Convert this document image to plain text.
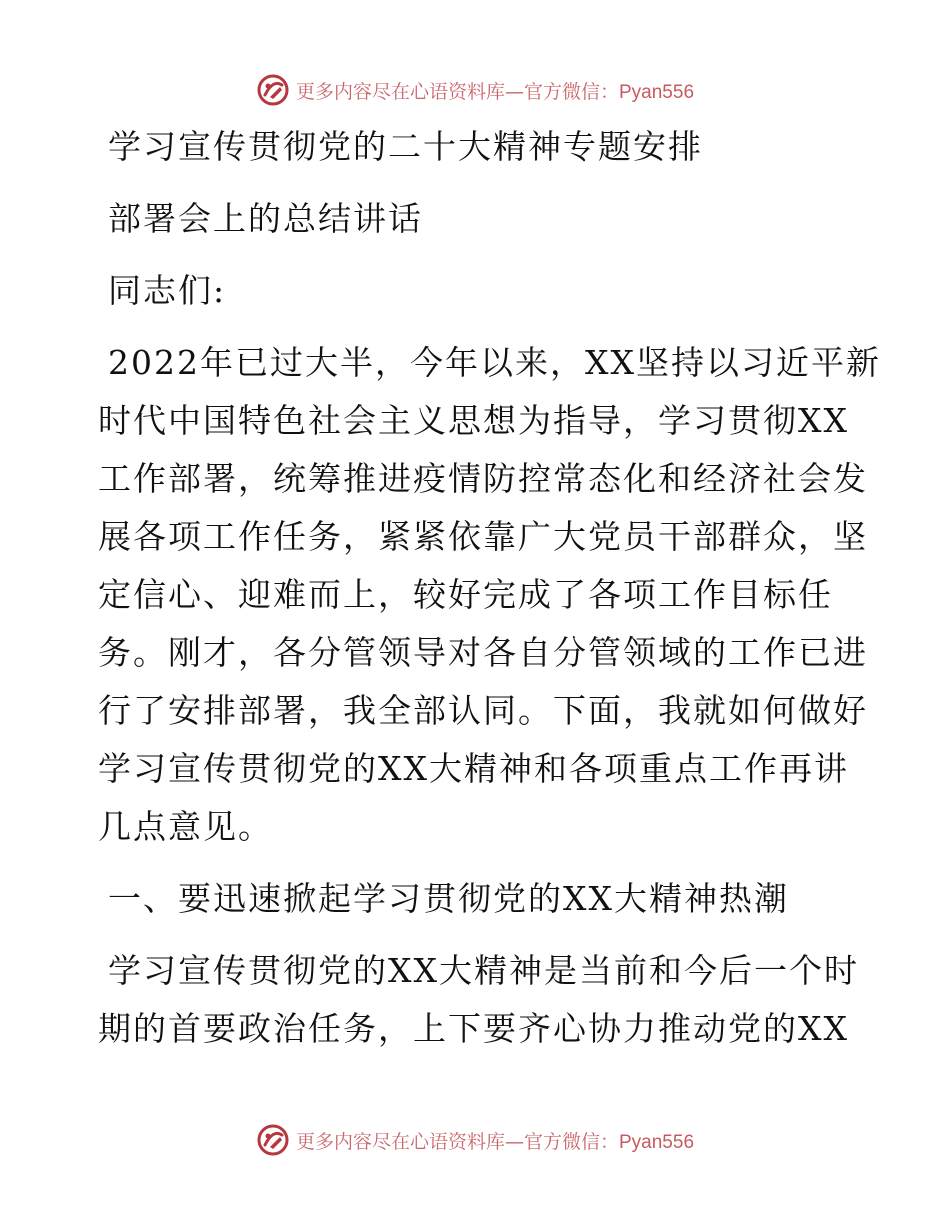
更多内容尽在心语资料库—官方微信：Pyan556
学习宣传贯彻党的二十大精神专题安排
部署会上的总结讲话
同志们:
2022年已过大半，今年以来，XX坚持以习近平新
时代中国特色社会主义思想为指导，学习贯彻XX
工作部署，统筹推进疫情防控常态化和经济社会发
展各项工作任务，紧紧依靠广大党员干部群众，坚
定信心、迎难而上，较好完成了各项工作目标任
务。刚才，各分管领导对各自分管领域的工作已进
行了安排部署，我全部认同。下面，我就如何做好
学习宣传贯彻党的XX大精神和各项重点工作再讲
几点意见。
一、要迅速掀起学习贯彻党的XX大精神热潮
学习宣传贯彻党的XX大精神是当前和今后一个时
期的首要政治任务，上下要齐心协力推动党的XX
更多内容尽在心语资料库—官方微信：Pyan556
